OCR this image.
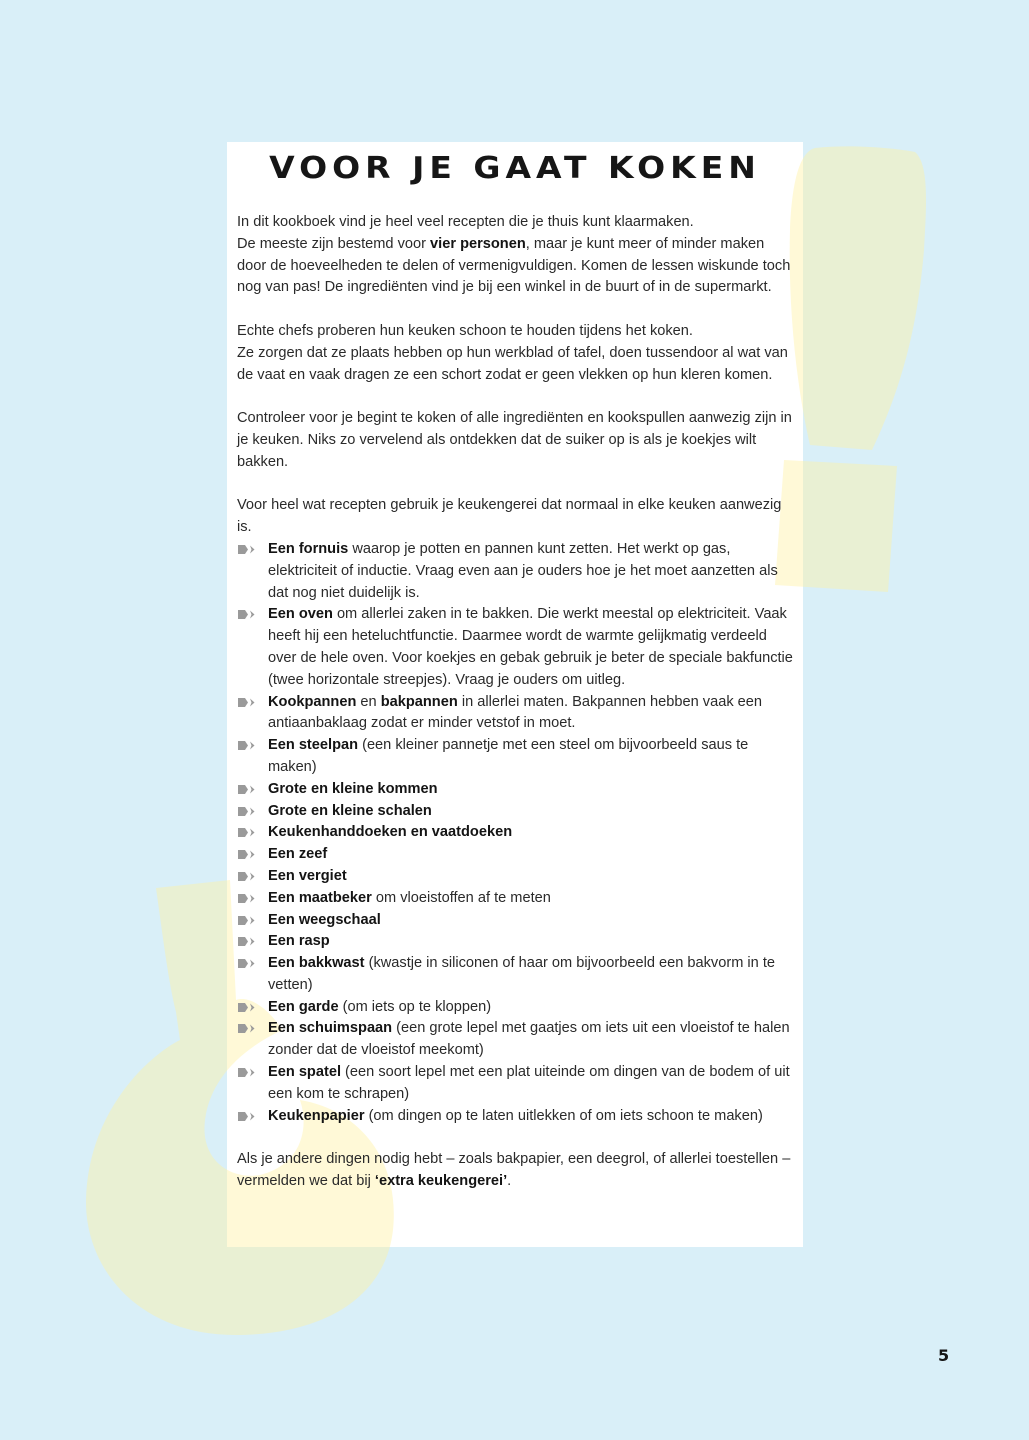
VOOR JE GAAT KOKEN

In dit kookboek vind je heel veel recepten die je thuis kunt klaarmaken.
De meeste zijn bestemd voor vier personen, maar je kunt meer of minder maken door de hoeveelheden te delen of vermenigvuldigen. Komen de lessen wiskunde toch nog van pas! De ingrediënten vind je bij een winkel in de buurt of in de supermarkt.

Echte chefs proberen hun keuken schoon te houden tijdens het koken.
Ze zorgen dat ze plaats hebben op hun werkblad of tafel, doen tussendoor al wat van de vaat en vaak dragen ze een schort zodat er geen vlekken op hun kleren komen.

Controleer voor je begint te koken of alle ingrediënten en kookspullen aanwezig zijn in je keuken. Niks zo vervelend als ontdekken dat de suiker op is als je koekjes wilt bakken.

Voor heel wat recepten gebruik je keukengerei dat normaal in elke keuken aanwezig is.

Een fornuis waarop je potten en pannen kunt zetten. Het werkt op gas, elektriciteit of inductie. Vraag even aan je ouders hoe je het moet aanzetten als dat nog niet duidelijk is.
Een oven om allerlei zaken in te bakken. Die werkt meestal op elektriciteit. Vaak heeft hij een heteluchtfunctie. Daarmee wordt de warmte gelijkmatig verdeeld over de hele oven. Voor koekjes en gebak gebruik je beter de speciale bakfunctie (twee horizontale streepjes). Vraag je ouders om uitleg.
Kookpannen en bakpannen in allerlei maten. Bakpannen hebben vaak een antiaanbaklaag zodat er minder vetstof in moet.
Een steelpan (een kleiner pannetje met een steel om bijvoorbeeld saus te maken)
Grote en kleine kommen
Grote en kleine schalen
Keukenhanddoeken en vaatdoeken
Een zeef
Een vergiet
Een maatbeker om vloeistoffen af te meten
Een weegschaal
Een rasp
Een bakkwast (kwastje in siliconen of haar om bijvoorbeeld een bakvorm in te vetten)
Een garde (om iets op te kloppen)
Een schuimspaan (een grote lepel met gaatjes om iets uit een vloeistof te halen zonder dat de vloeistof meekomt)
Een spatel (een soort lepel met een plat uiteinde om dingen van de bodem of uit een kom te schrapen)
Keukenpapier (om dingen op te laten uitlekken of om iets schoon te maken)

Als je andere dingen nodig hebt – zoals bakpapier, een deegrol, of allerlei toestellen – vermelden we dat bij ‘extra keukengerei’.

5
